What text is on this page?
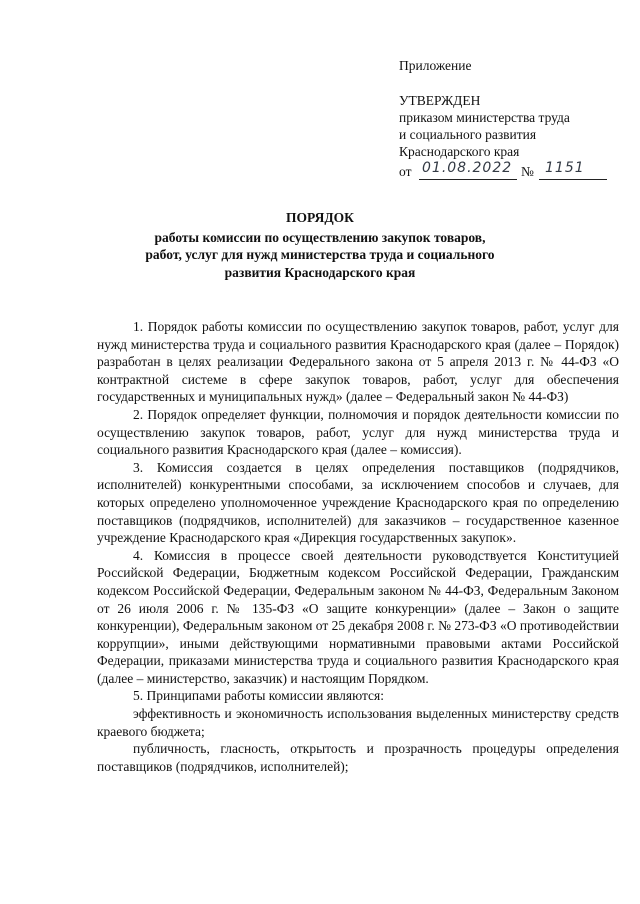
Приложение
УТВЕРЖДЕН
приказом министерства труда
и социального развития
Краснодарского края
от 01.08.2022 № 1151
ПОРЯДОК
работы комиссии по осуществлению закупок товаров,
работ, услуг для нужд министерства труда и социального
развития Краснодарского края

1. Порядок работы комиссии по осуществлению закупок товаров, работ, услуг для нужд министерства труда и социального развития Краснодарского края (далее – Порядок) разработан в целях реализации Федерального закона от 5 апреля 2013 г. № 44-ФЗ «О контрактной системе в сфере закупок товаров, работ, услуг для обеспечения государственных и муниципальных нужд» (далее – Федеральный закон № 44-ФЗ)

2. Порядок определяет функции, полномочия и порядок деятельности комиссии по осуществлению закупок товаров, работ, услуг для нужд министерства труда и социального развития Краснодарского края (далее – комиссия).

3. Комиссия создается в целях определения поставщиков (подрядчиков, исполнителей) конкурентными способами, за исключением способов и случаев, для которых определено уполномоченное учреждение Краснодарского края по определению поставщиков (подрядчиков, исполнителей) для заказчиков – государственное казенное учреждение Краснодарского края «Дирекция государственных закупок».

4. Комиссия в процессе своей деятельности руководствуется Конституцией Российской Федерации, Бюджетным кодексом Российской Федерации, Гражданским кодексом Российской Федерации, Федеральным законом № 44-ФЗ, Федеральным Законом от 26 июля 2006 г. № 135-ФЗ «О защите конкуренции» (далее – Закон о защите конкуренции), Федеральным законом от 25 декабря 2008 г. № 273-ФЗ «О противодействии коррупции», иными действующими нормативными правовыми актами Российской Федерации, приказами министерства труда и социального развития Краснодарского края (далее – министерство, заказчик) и настоящим Порядком.

5. Принципами работы комиссии являются:

эффективность и экономичность использования выделенных министерству средств краевого бюджета;

публичность, гласность, открытость и прозрачность процедуры определения поставщиков (подрядчиков, исполнителей);
